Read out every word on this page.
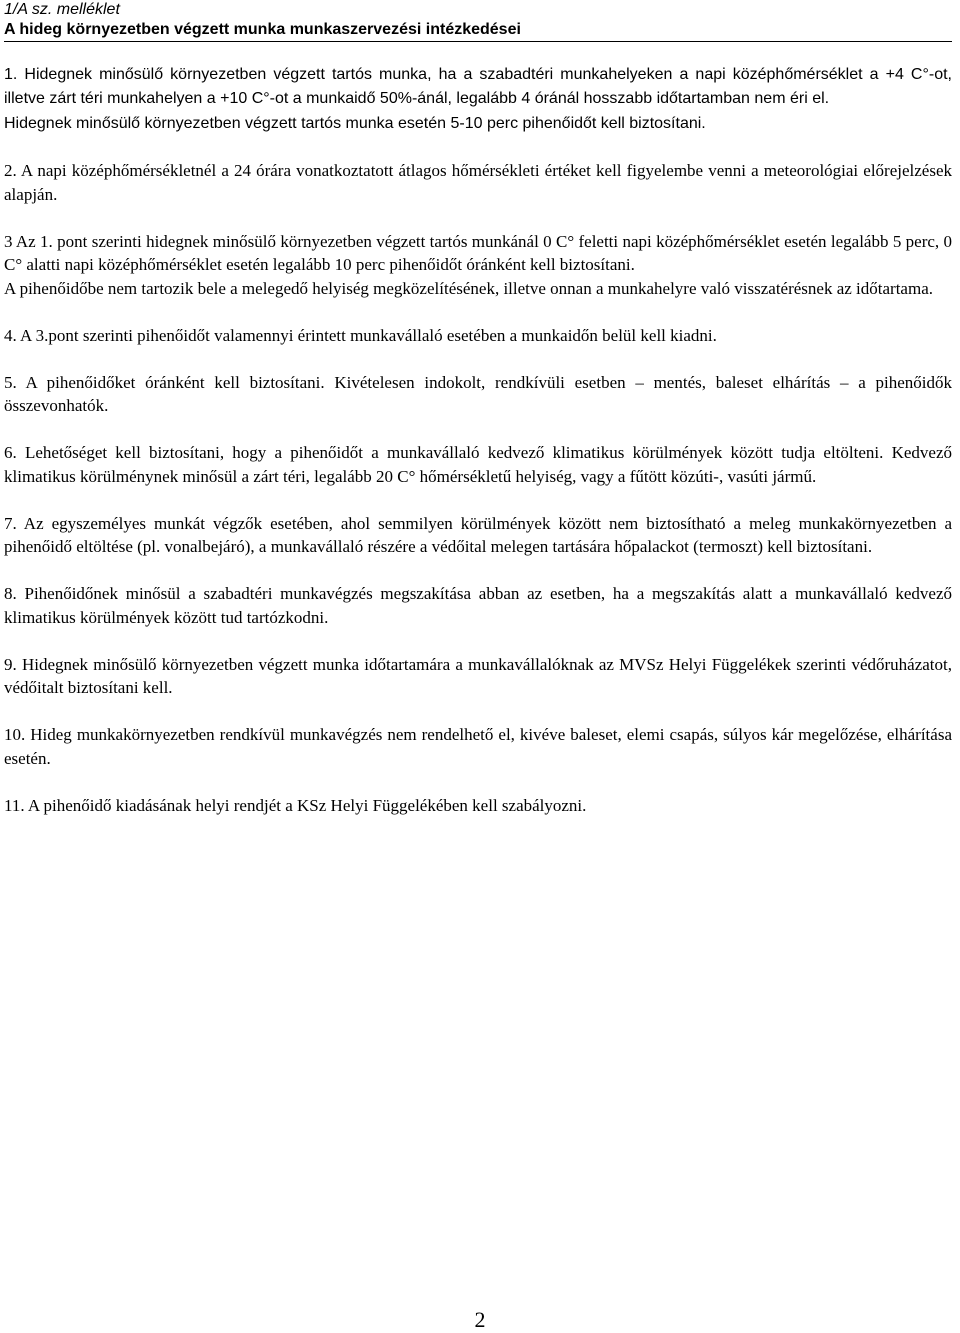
1/A sz. melléklet
A hideg környezetben végzett munka munkaszervezési intézkedései

1. Hidegnek minősülő környezetben végzett tartós munka, ha a szabadtéri munkahelyeken a napi középhőmérséklet a +4 C°-ot, illetve zárt téri munkahelyen a +10 C°-ot a munkaidő 50%-ánál, legalább 4 óránál hosszabb időtartamban nem éri el.

Hidegnek minősülő környezetben végzett tartós munka esetén 5-10 perc pihenőidőt kell biztosítani.

2. A napi középhőmérsékletnél a 24 órára vonatkoztatott átlagos hőmérsékleti értéket kell figyelembe venni a meteorológiai előrejelzések alapján.

3 Az 1. pont szerinti hidegnek minősülő környezetben végzett tartós munkánál 0 C° feletti napi középhőmérséklet esetén legalább 5 perc, 0 C° alatti napi középhőmérséklet esetén legalább 10 perc pihenőidőt óránként kell biztosítani.

A pihenőidőbe nem tartozik bele a melegedő helyiség megközelítésének, illetve onnan a munkahelyre való visszatérésnek az időtartama.

4. A 3.pont szerinti pihenőidőt valamennyi érintett munkavállaló esetében a munkaidőn belül kell kiadni.

5. A pihenőidőket óránként kell biztosítani. Kivételesen indokolt, rendkívüli esetben – mentés, baleset elhárítás – a pihenőidők összevonhatók.

6. Lehetőséget kell biztosítani, hogy a pihenőidőt a munkavállaló kedvező klimatikus körülmények között tudja eltölteni. Kedvező klimatikus körülménynek minősül a zárt téri, legalább 20 C° hőmérsékletű helyiség, vagy a fűtött közúti-, vasúti jármű.

7. Az egyszemélyes munkát végzők esetében, ahol semmilyen körülmények között nem biztosítható a meleg munkakörnyezetben a pihenőidő eltöltése (pl. vonalbejáró), a munkavállaló részére a védőital melegen tartására hőpalackot (termoszt) kell biztosítani.

8. Pihenőidőnek minősül a szabadtéri munkavégzés megszakítása abban az esetben, ha a megszakítás alatt a munkavállaló kedvező klimatikus körülmények között tud tartózkodni.

9. Hidegnek minősülő környezetben végzett munka időtartamára a munkavállalóknak az MVSz Helyi Függelékek szerinti védőruházatot, védőitalt biztosítani kell.

10. Hideg munkakörnyezetben rendkívül munkavégzés nem rendelhető el, kivéve baleset, elemi csapás, súlyos kár megelőzése, elhárítása esetén.

11. A pihenőidő kiadásának helyi rendjét a KSz Helyi Függelékében kell szabályozni.

2
